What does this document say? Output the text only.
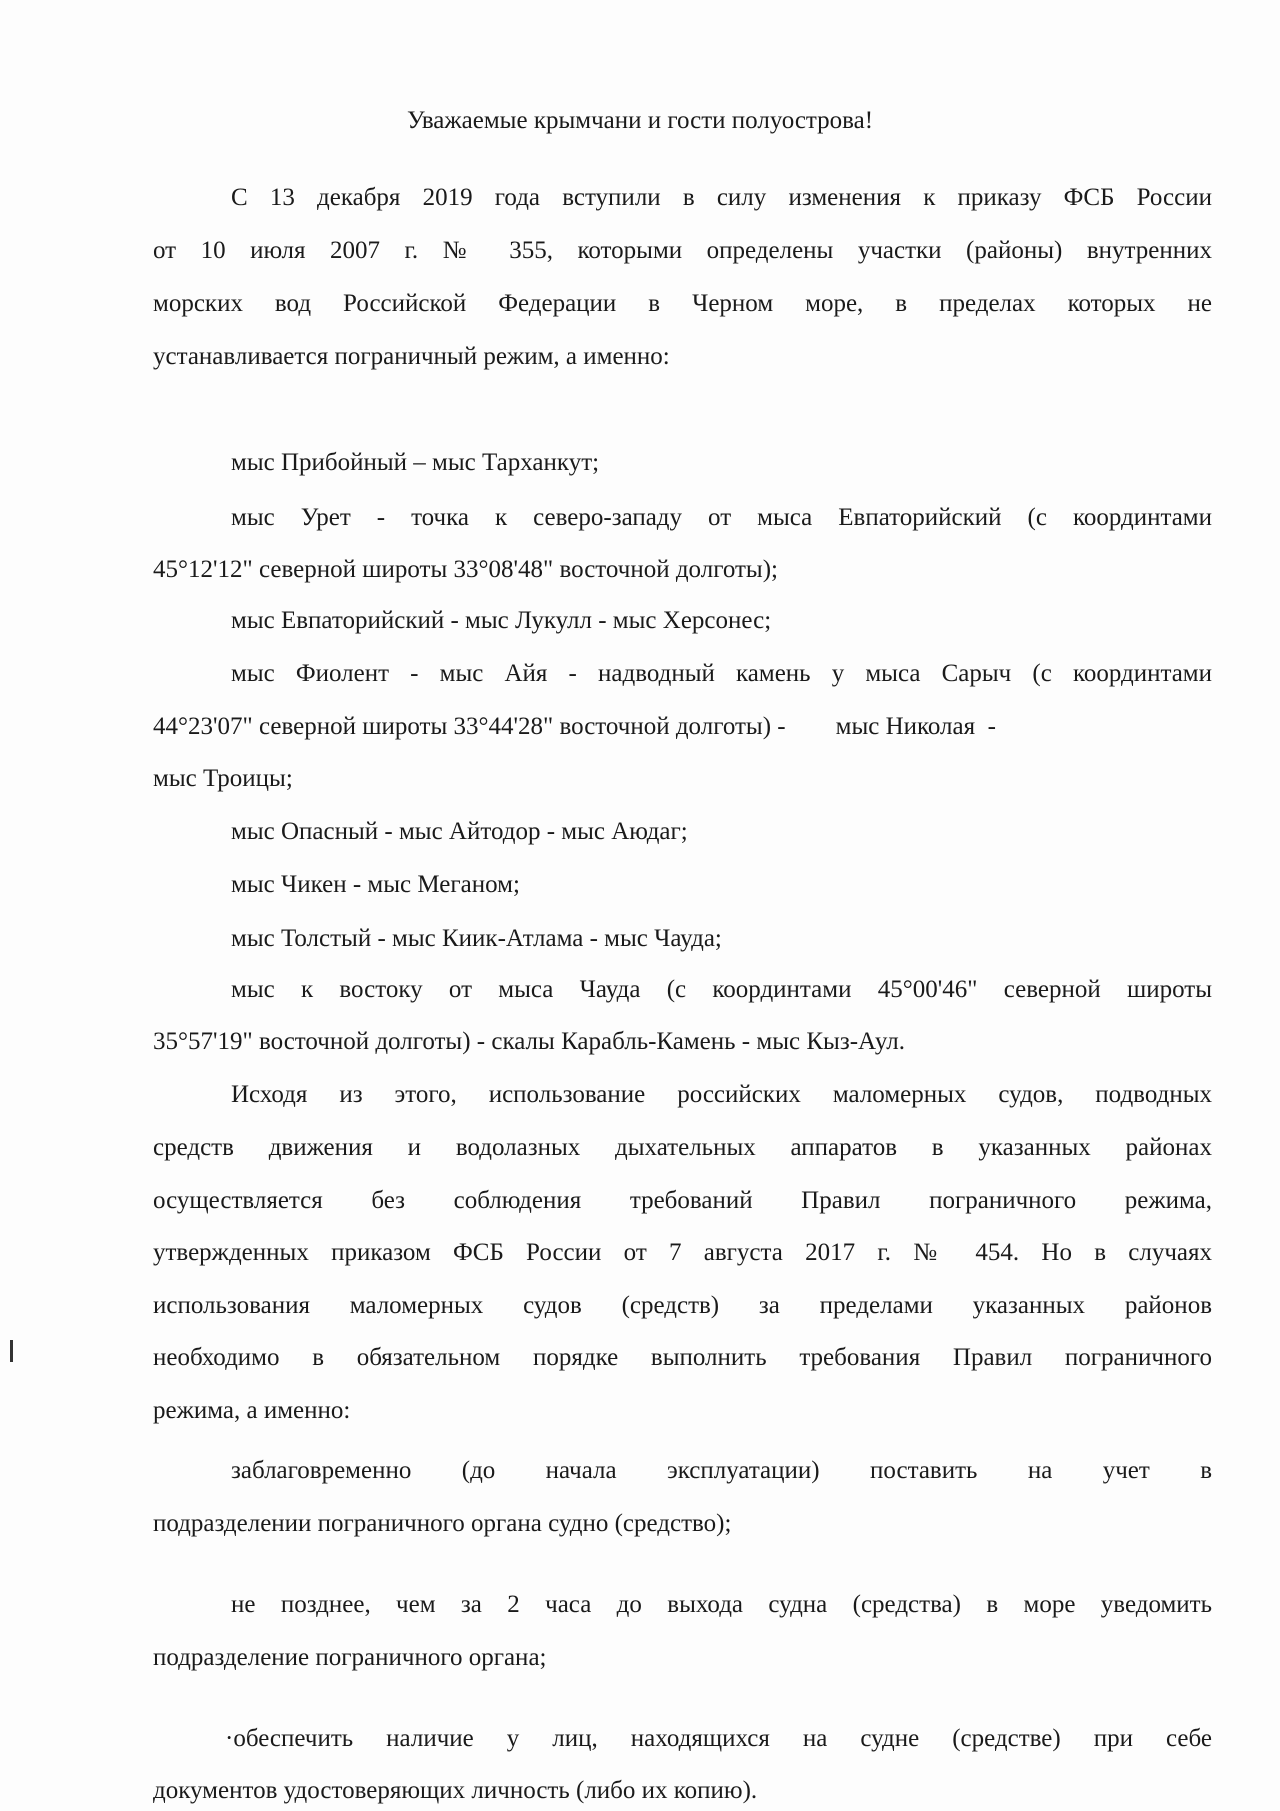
Уважаемые крымчани и гости полуострова!
С 13 декабря 2019 года вступили в силу изменения к приказу ФСБ России
от 10 июля 2007 г. № 355, которыми определены участки (районы) внутренних
морских вод Российской Федерации в Черном море, в пределах которых не
устанавливается пограничный режим, а именно:
мыс Прибойный – мыс Тарханкут;
мыс Урет - точка к северо-западу от мыса Евпаторийский (с координтами
45°12'12" северной широты 33°08'48" восточной долготы);
мыс Евпаторийский - мыс Лукулл - мыс Херсонес;
мыс Фиолент - мыс Айя - надводный камень у мыса Сарыч (с координтами
44°23'07" северной широты 33°44'28" восточной долготы) -        мыс Николая  -
мыс Троицы;
мыс Опасный - мыс Айтодор - мыс Аюдаг;
мыс Чикен - мыс Меганом;
мыс Толстый - мыс Киик-Атлама - мыс Чауда;
мыс к востоку от мыса Чауда (с координтами 45°00'46" северной широты
35°57'19" восточной долготы) - скалы Карабль-Камень - мыс Кыз-Аул.
Исходя из этого, использование российских маломерных судов, подводных
средств движения и водолазных дыхательных аппаратов в указанных районах
осуществляется без соблюдения требований Правил пограничного режима,
утвержденных приказом ФСБ России от 7 августа 2017 г. № 454. Но в случаях
использования маломерных судов (средств) за пределами указанных районов
необходимо в обязательном порядке выполнить требования Правил пограничного
режима, а именно:
заблаговременно (до начала эксплуатации) поставить на учет в
подразделении пограничного органа судно (средство);
не позднее, чем за 2 часа до выхода судна (средства) в море уведомить
подразделение пограничного органа;
·обеспечить наличие у лиц, находящихся на судне (средстве) при себе
документов удостоверяющих личность (либо их копию).
